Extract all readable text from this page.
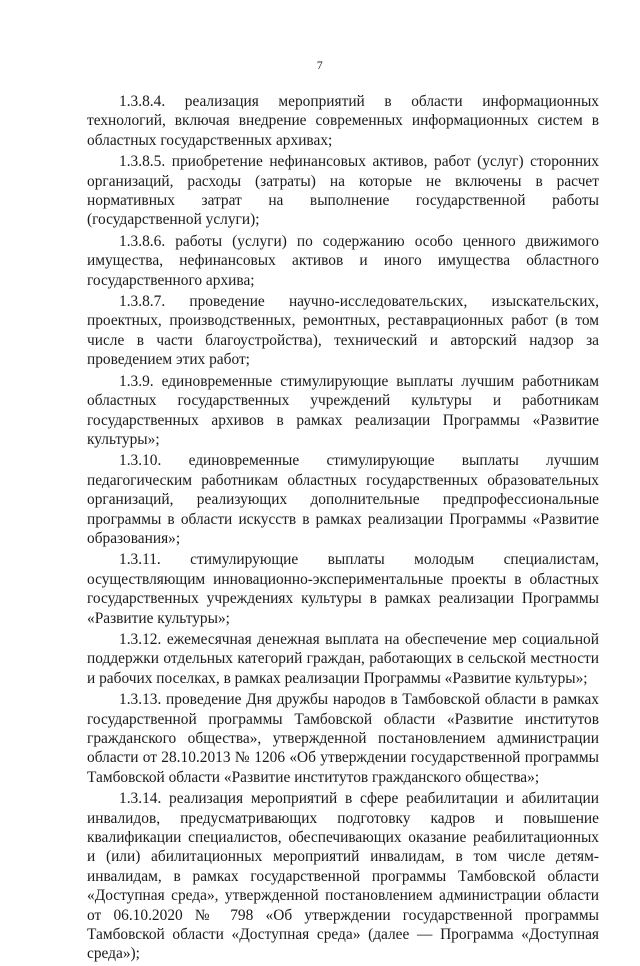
7

1.3.8.4. реализация мероприятий в области информационных технологий, включая внедрение современных информационных систем в областных государственных архивах;

1.3.8.5. приобретение нефинансовых активов, работ (услуг) сторонних организаций, расходы (затраты) на которые не включены в расчет нормативных затрат на выполнение государственной работы (государственной услуги);

1.3.8.6. работы (услуги) по содержанию особо ценного движимого имущества, нефинансовых активов и иного имущества областного государственного архива;

1.3.8.7. проведение научно-исследовательских, изыскательских, проектных, производственных, ремонтных, реставрационных работ (в том числе в части благоустройства), технический и авторский надзор за проведением этих работ;

1.3.9. единовременные стимулирующие выплаты лучшим работникам областных государственных учреждений культуры и работникам государственных архивов в рамках реализации Программы «Развитие культуры»;

1.3.10. единовременные стимулирующие выплаты лучшим педагогическим работникам областных государственных образовательных организаций, реализующих дополнительные предпрофессиональные программы в области искусств в рамках реализации Программы «Развитие образования»;

1.3.11. стимулирующие выплаты молодым специалистам, осуществляющим инновационно-экспериментальные проекты в областных государственных учреждениях культуры в рамках реализации Программы «Развитие культуры»;

1.3.12. ежемесячная денежная выплата на обеспечение мер социальной поддержки отдельных категорий граждан, работающих в сельской местности и рабочих поселках, в рамках реализации Программы «Развитие культуры»;

1.3.13. проведение Дня дружбы народов в Тамбовской области в рамках государственной программы Тамбовской области «Развитие институтов гражданского общества», утвержденной постановлением администрации области от 28.10.2013 № 1206 «Об утверждении государственной программы Тамбовской области «Развитие институтов гражданского общества»;

1.3.14. реализация мероприятий в сфере реабилитации и абилитации инвалидов, предусматривающих подготовку кадров и повышение квалификации специалистов, обеспечивающих оказание реабилитационных и (или) абилитационных мероприятий инвалидам, в том числе детям-инвалидам, в рамках государственной программы Тамбовской области «Доступная среда», утвержденной постановлением администрации области от 06.10.2020 № 798 «Об утверждении государственной программы Тамбовской области «Доступная среда» (далее — Программа «Доступная среда»);
